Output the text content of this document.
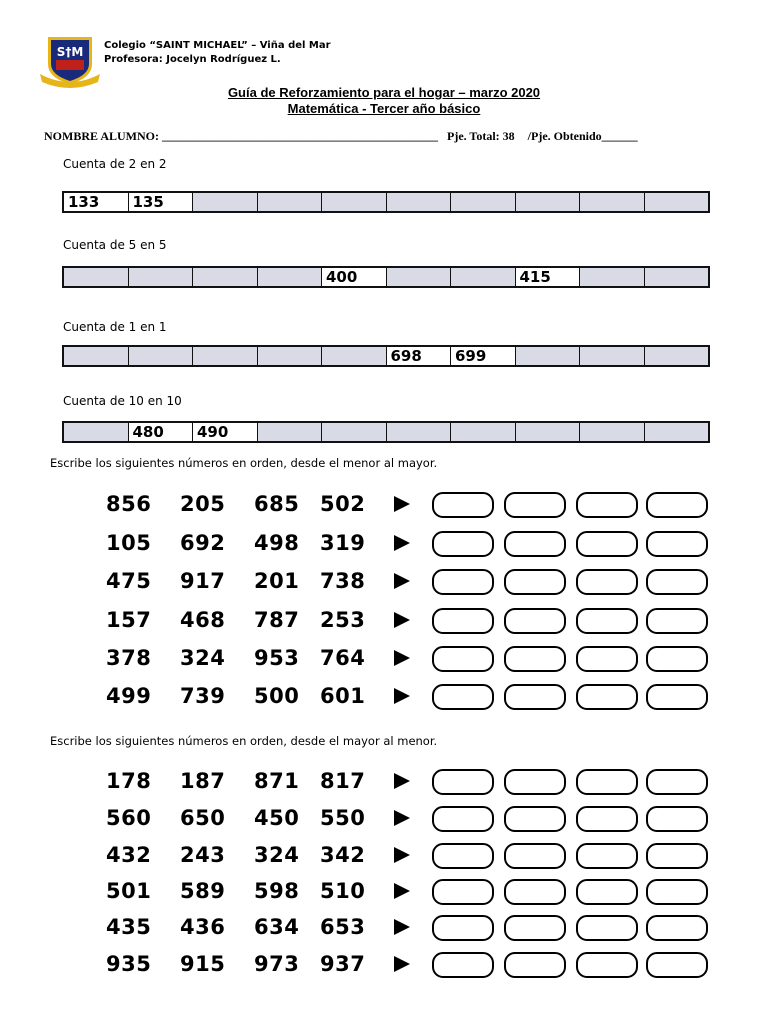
S†M Colegio “SAINT MICHAEL” – Viña del Mar
Profesora: Jocelyn Rodríguez L.
Guía de Reforzamiento para el hogar – marzo 2020
Matemática - Tercer año básico
NOMBRE ALUMNO: ______________________________________________ Pje. Total: 38 /Pje. Obtenido______
Cuenta de 2 en 2
133	135
Cuenta de 5 en 5
400	415
Cuenta de 1 en 1
698	699
Cuenta de 10 en 10
480	490
Escribe los siguientes números en orden, desde el menor al mayor.
856 205 685 502
105 692 498 319
475 917 201 738
157 468 787 253
378 324 953 764
499 739 500 601
Escribe los siguientes números en orden, desde el mayor al menor.
178 187 871 817
560 650 450 550
432 243 324 342
501 589 598 510
435 436 634 653
935 915 973 937
